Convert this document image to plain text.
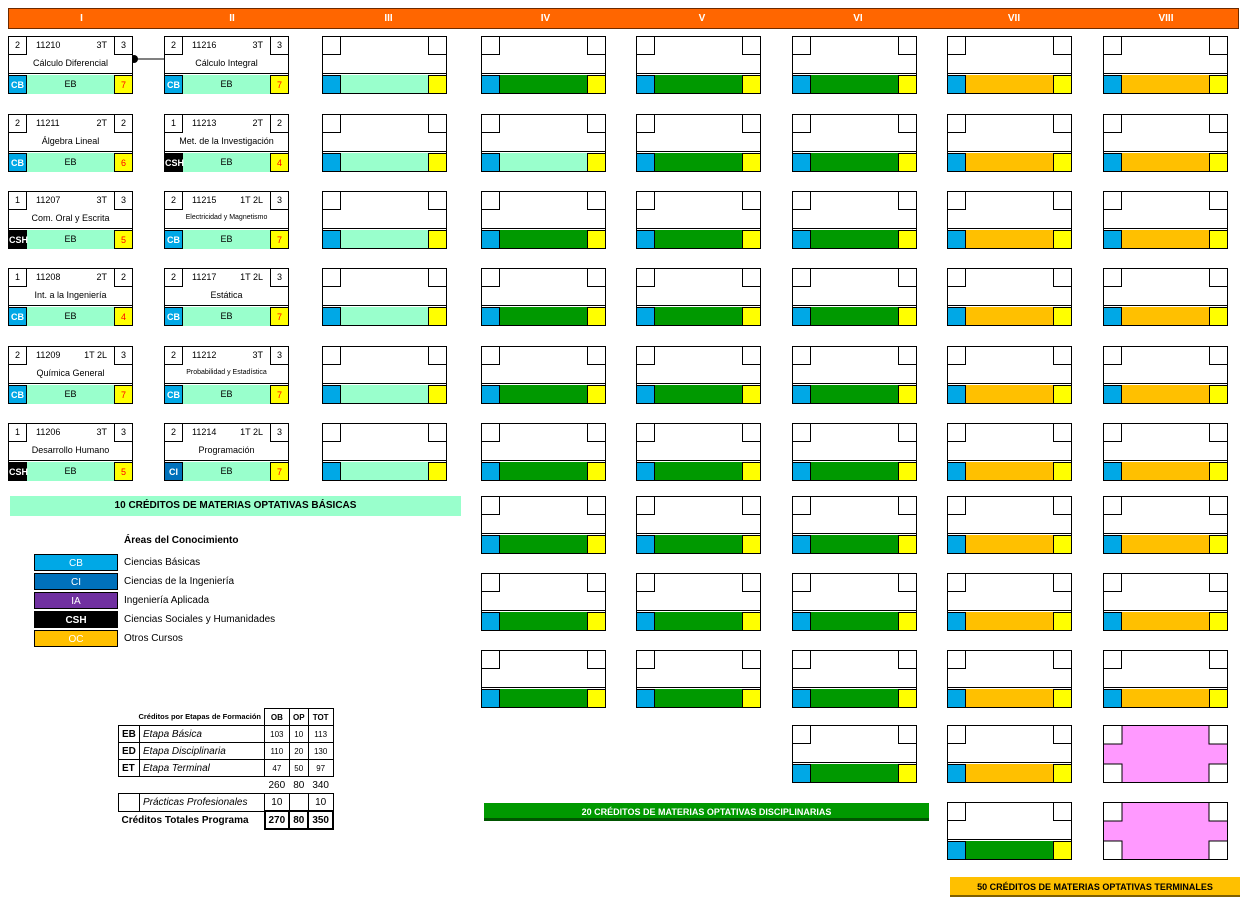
I	II	III	IV	V	VI	VII	VIII
10 CRÉDITOS DE MATERIAS OPTATIVAS BÁSICAS
20 CRÉDITOS DE MATERIAS OPTATIVAS DISCIPLINARIAS
50 CRÉDITOS DE MATERIAS OPTATIVAS TERMINALES
Áreas del Conocimiento
CB	Ciencias Básicas
CI	Ciencias de la Ingeniería
IA	Ingeniería Aplicada
CSH	Ciencias Sociales y Humanidades
OC	Otros Cursos
Créditos por Etapas de Formación		OB	OP	TOT
EB	Etapa Básica	103	10	113
ED	Etapa Disciplinaria	110	20	130
ET	Etapa Terminal	47	50	97
		260	80	340
	Prácticas Profesionales	10		10
Créditos Totales Programa		270	80	350
2	11210	3T	3
Cálculo Diferencial
EB
CB	7
2	11211	2T	2
Álgebra Lineal
EB
CB	6
1	11207	3T	3
Com. Oral y Escrita
EB
CSH	5
1	11208	2T	2
Int. a la Ingeniería
EB
CB	4
2	11209	1T 2L	3
Química General
EB
CB	7
1	11206	3T	3
Desarrollo Humano
EB
CSH	5
2	11216	3T	3
Cálculo Integral
EB
CB	7
1	11213	2T	2
Met. de la Investigación
EB
CSH	4
2	11215	1T 2L	3
Electricidad y Magnetismo
EB
CB	7
2	11217	1T 2L	3
Estática
EB
CB	7
2	11212	3T	3
Probabilidad y Estadística
EB
CB	7
2	11214	1T 2L	3
Programación
EB
CI	7
